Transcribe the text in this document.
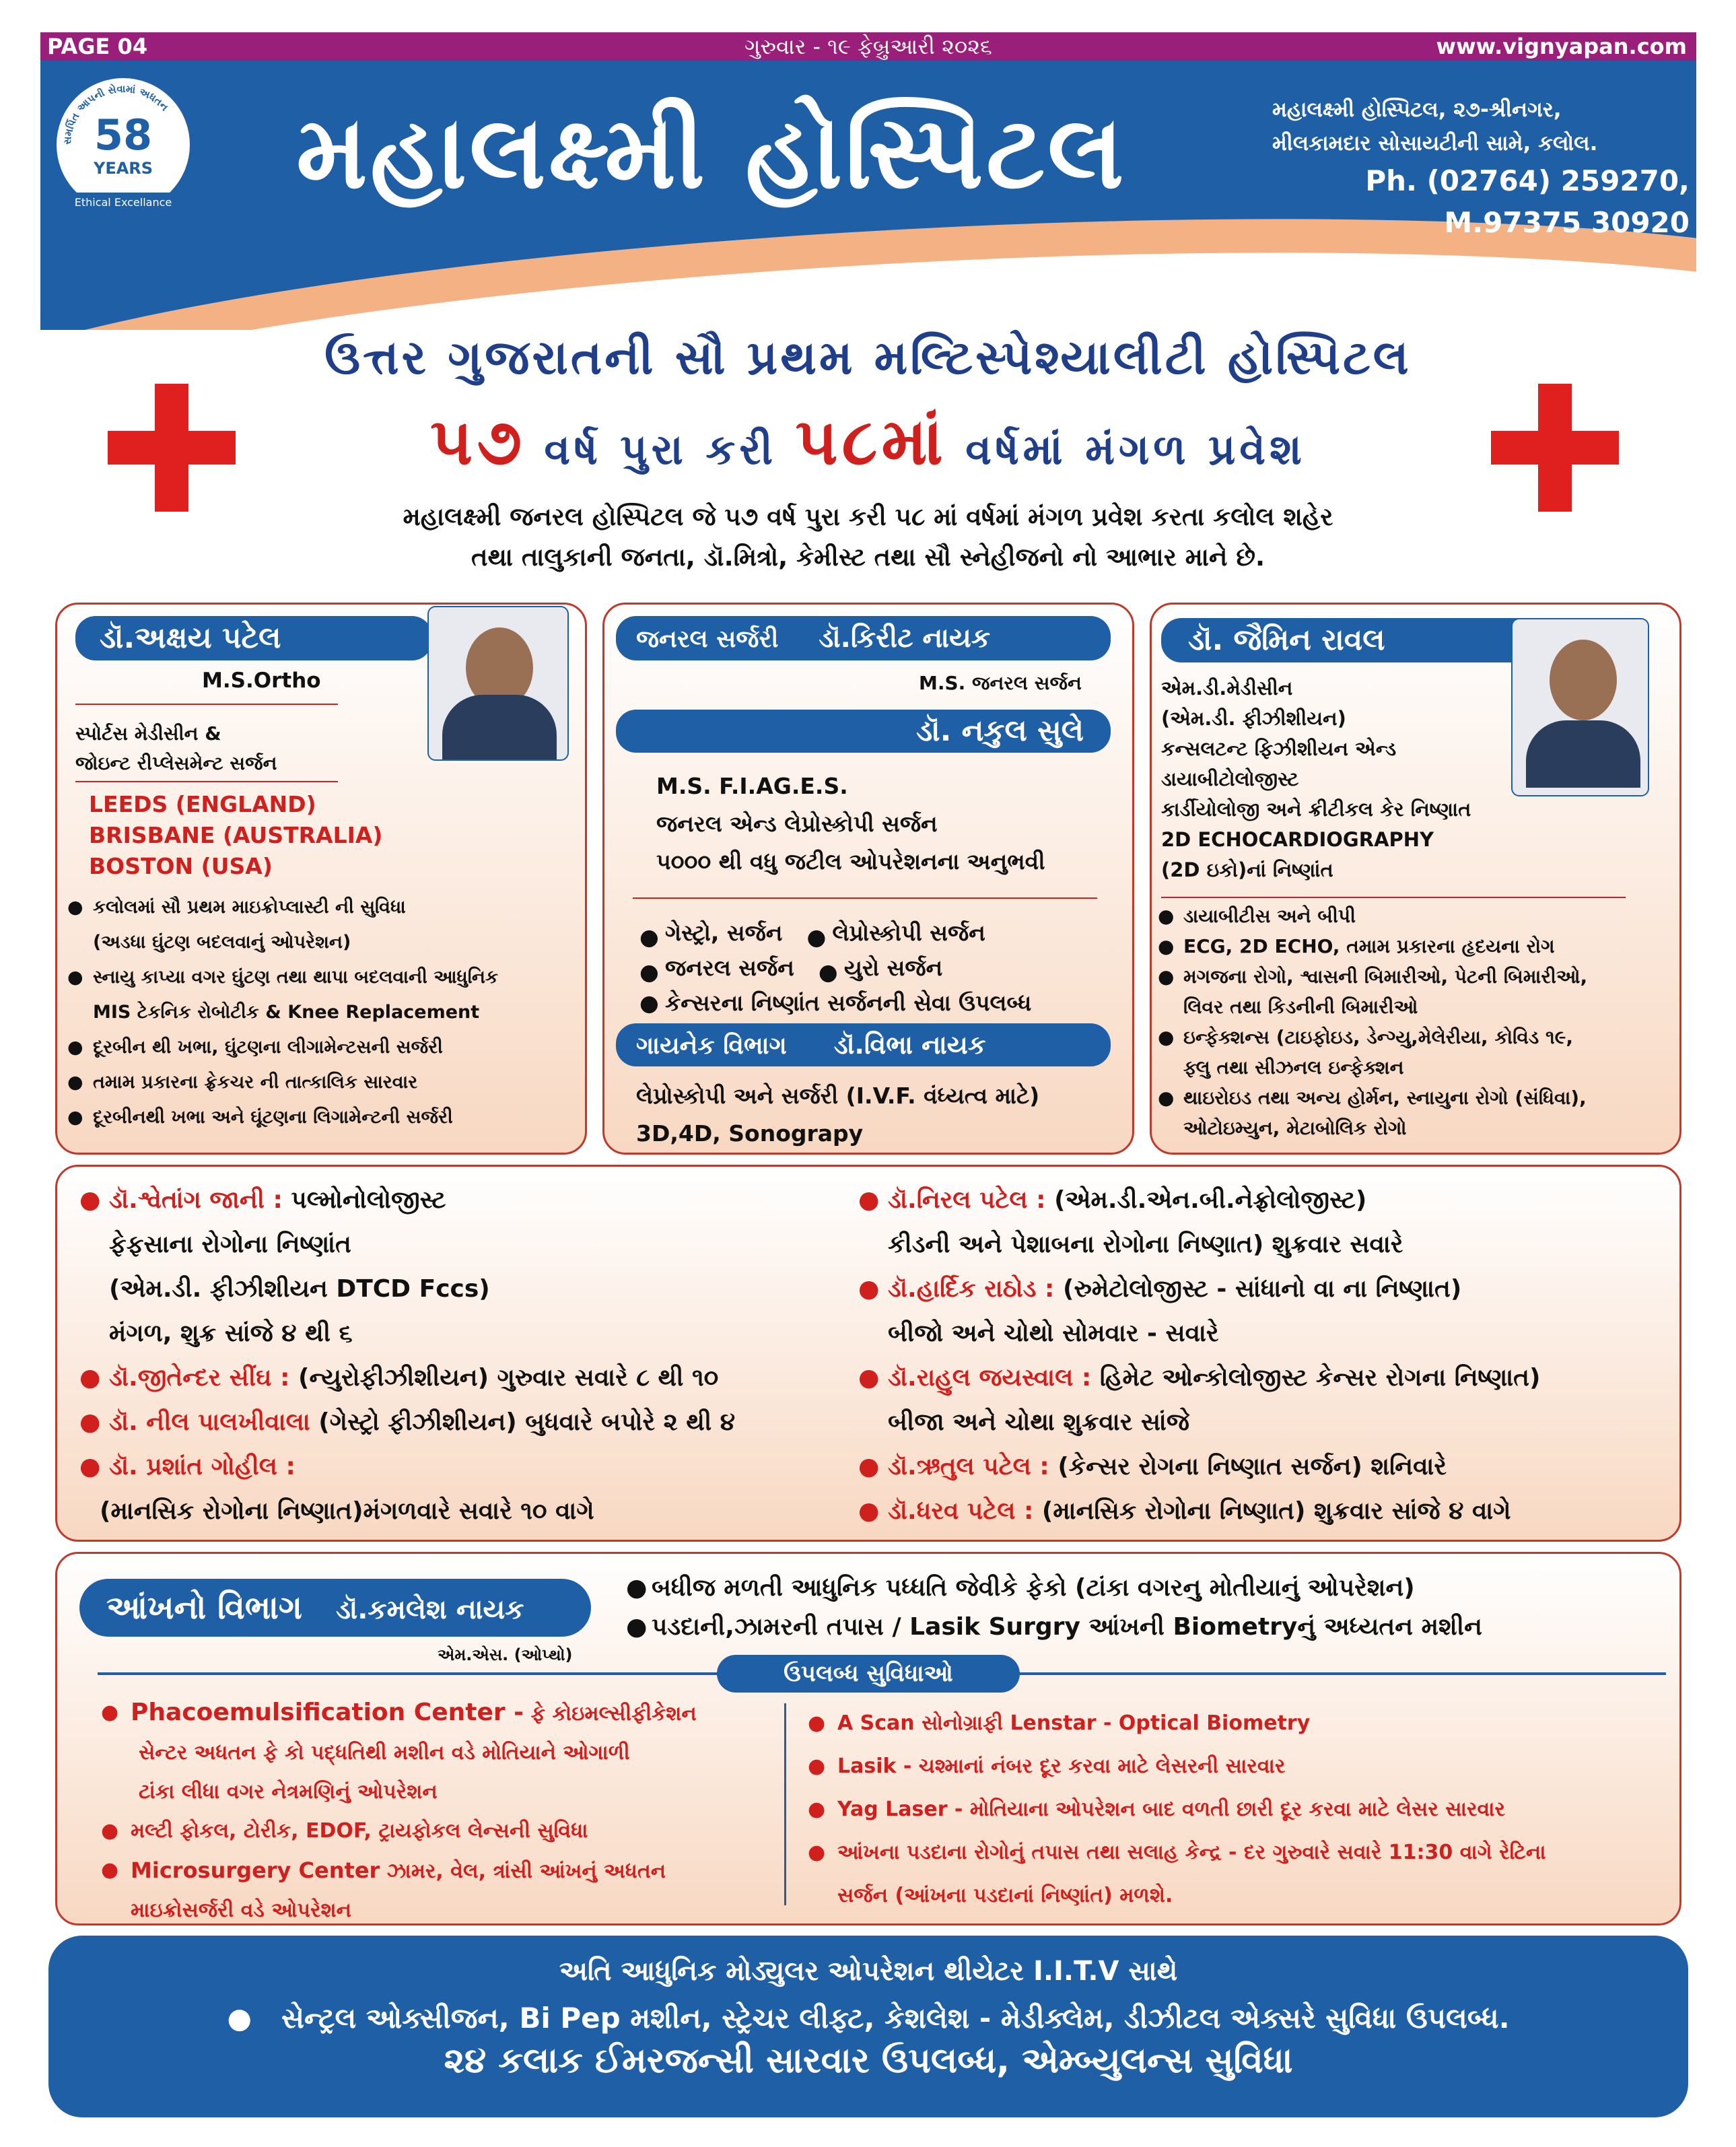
PAGE 04	ગુરુવાર - ૧૯ ફેબ્રુઆરી ૨૦૨૬	www.vignyapan.com
સમર્પિત આપની સેવામાં અધતન
58
YEARS
Ethical Excellance મહાલક્ષ્મી હોસ્પિટલ	મહાલક્ષ્મી હોસ્પિટલ, ૨૭-શ્રીનગર,
મીલકામદાર સોસાયટીની સામે, કલોલ.
Ph. (02764) 259270,
M.97375 30920
ઉત્તર ગુજરાતની સૌ પ્રથમ મલ્ટિસ્પેશ્યાલીટી હોસ્પિટલ
૫૭ વર્ષ પુરા કરી ૫૮માં વર્ષમાં મંગળ પ્રવેશ
મહાલક્ષ્મી જનરલ હોસ્પિટલ જે ૫૭ વર્ષ પુરા કરી ૫૮ માં વર્ષમાં મંગળ પ્રવેશ કરતા કલોલ શહેર
તથા તાલુકાની જનતા, ડૉ.મિત્રો, કેમીસ્ટ તથા સૌ સ્નેહીજનો નો આભાર માને છે.
ડૉ.અક્ષય પટેલ
M.S.Ortho
સ્પોર્ટસ મેડીસીન &
જોઇન્ટ રીપ્લેસમેન્ટ સર્જન
LEEDS (ENGLAND)
BRISBANE (AUSTRALIA)
BOSTON (USA)
● કલોલમાં સૌ પ્રથમ માઇક્રોપ્લાસ્ટી ની સુવિધા
(અડધા ઘુંટણ બદલવાનું ઓપરેશન)
● સ્નાયુ કાપ્યા વગર ઘુંટણ તથા થાપા બદલવાની આધુનિક
MIS ટેકનિક રોબોટીક & Knee Replacement
● દૂરબીન થી ખભા, ઘુંટણના લીગામેન્ટસની સર્જરી
● તમામ પ્રકારના ફ્રેકચર ની તાત્કાલિક સારવાર
● દૂરબીનથી ખભા અને ઘૂંટણના લિગામેન્ટની સર્જરી
જનરલ સર્જરી ડૉ.કિરીટ નાયક
M.S. જનરલ સર્જન
ડૉ. નકુલ સુલે
M.S. F.I.AG.E.S.
જનરલ એન્ડ લેપ્રોસ્કોપી સર્જન
૫૦૦૦ થી વધુ જટીલ ઓપરેશનના અનુભવી
● ગેસ્ટ્રો, સર્જન ● લેપ્રોસ્કોપી સર્જન
● જનરલ સર્જન ● યુરો સર્જન
● કેન્સરના નિષ્ણાંત સર્જનની સેવા ઉપલબ્ધ
ગાયનેક વિભાગ ડૉ.વિભા નાયક
લેપ્રોસ્કોપી અને સર્જરી (I.V.F. વંધ્યત્વ માટે)
3D,4D, Sonograpy
ડૉ. જૈમિન રાવલ
એમ.ડી.મેડીસીન
(એમ.ડી. ફીઝીશીયન)
કન્સલટન્ટ ફિઝીશીયન એન્ડ
ડાયાબીટોલોજીસ્ટ
કાર્ડીયોલોજી અને ક્રીટીકલ કેર નિષ્ણાત
2D ECHOCARDIOGRAPHY
(2D ઇકો)નાં નિષ્ણાંત
● ડાયાબીટીસ અને બીપી
● ECG, 2D ECHO, તમામ પ્રકારના હૃદયના રોગ
● મગજના રોગો, શ્વાસની બિમારીઓ, પેટની બિમારીઓ,
લિવર તથા કિડનીની બિમારીઓ
● ઇન્ફેક્શન્સ (ટાઇફોઇડ, ડેન્ગ્યુ,મેલેરીયા, કોવિડ ૧૯,
ફ્લુ તથા સીઝનલ ઇન્ફેક્શન
● થાઇરોઇડ તથા અન્ય હોર્મન, સ્નાયુના રોગો (સંધિવા),
ઓટોઇમ્યુન, મેટાબોલિક રોગો
● ડૉ.શ્વેતાંગ જાની : પલ્મોનોલોજીસ્ટ
ફેફસાના રોગોના નિષ્ણાંત
(એમ.ડી. ફીઝીશીયન DTCD Fccs)
મંગળ, શુક્ર સાંજે ૪ થી ૬
● ડૉ.જીતેન્દર સીંઘ : (ન્યુરોફીઝીશીયન) ગુરુવાર સવારે ૮ થી ૧૦
● ડૉ. નીલ પાલખીવાલા (ગેસ્ટ્રો ફીઝીશીયન) બુધવારે બપોરે ૨ થી ૪
● ડૉ. પ્રશાંત ગોહીલ :
(માનસિક રોગોના નિષ્ણાત)મંગળવારે સવારે ૧૦ વાગે
● ડૉ.નિરલ પટેલ : (એમ.ડી.એન.બી.નેફ્રોલોજીસ્ટ)
કીડની અને પેશાબના રોગોના નિષ્ણાત) શુક્રવાર સવારે
● ડૉ.હાર્દિક રાઠોડ : (રુમેટોલોજીસ્ટ - સાંધાનો વા ના નિષ્ણાત)
બીજો અને ચોથો સોમવાર - સવારે
● ડૉ.રાહુલ જયસ્વાલ : હિમેટ ઓન્કોલોજીસ્ટ કેન્સર રોગના નિષ્ણાત)
બીજા અને ચોથા શુક્રવાર સાંજે
● ડૉ.ઋતુલ પટેલ : (કેન્સર રોગના નિષ્ણાત સર્જન) શનિવારે
● ડૉ.ધરવ પટેલ : (માનસિક રોગોના નિષ્ણાત) શુક્રવાર સાંજે ૪ વાગે
આંખનો વિભાગ ડૉ.કમલેશ નાયક
એમ.એસ. (ઓપ્થો)
● બધીજ મળતી આધુનિક પધ્ધતિ જેવીકે ફેકો (ટાંકા વગરનુ મોતીયાનું ઓપરેશન)
● પડદાની,ઝામરની તપાસ / Lasik Surgry આંખની Biometryનું અધ્યતન મશીન
ઉપલબ્ધ સુવિધાઓ
● Phacoemulsification Center - ફે કોઇમલ્સીફીકેશન
સેન્ટર અધતન ફે કો પદ્ધતિથી મશીન વડે મોતિયાને ઓગાળી
ટાંકા લીધા વગર નેત્રમણિનું ઓપરેશન
● મલ્ટી ફોકલ, ટોરીક, EDOF, ટ્રાયફોકલ લેન્સની સુવિધા
● Microsurgery Center ઝામર, વેલ, ત્રાંસી આંખનું અધતન
માઇક્રોસર્જરી વડે ઓપરેશન
● A Scan સોનોગ્રાફી Lenstar - Optical Biometry
● Lasik - ચશ્માનાં નંબર દૂર કરવા માટે લેસરની સારવાર
● Yag Laser - મોતિયાના ઓપરેશન બાદ વળતી છારી દૂર કરવા માટે લેસર સારવાર
● આંખના પડદાના રોગોનું તપાસ તથા સલાહ કેન્દ્ર - દર ગુરુવારે સવારે 11:30 વાગે રેટિના
સર્જન (આંખના પડદાનાં નિષ્ણાંત) મળશે.
અતિ આધુનિક મોડ્યુલર ઓપરેશન થીયેટર I.I.T.V સાથે
●   સેન્ટ્રલ ઓક્સીજન, Bi Pep મશીન, સ્ટ્રેચર લીફ્ટ, કેશલેશ - મેડીક્લેમ, ડીઝીટલ એક્સરે સુવિધા ઉપલબ્ધ.
૨૪ કલાક ઈમરજન્સી સારવાર ઉપલબ્ધ, એમ્બ્યુલન્સ સુવિધા
